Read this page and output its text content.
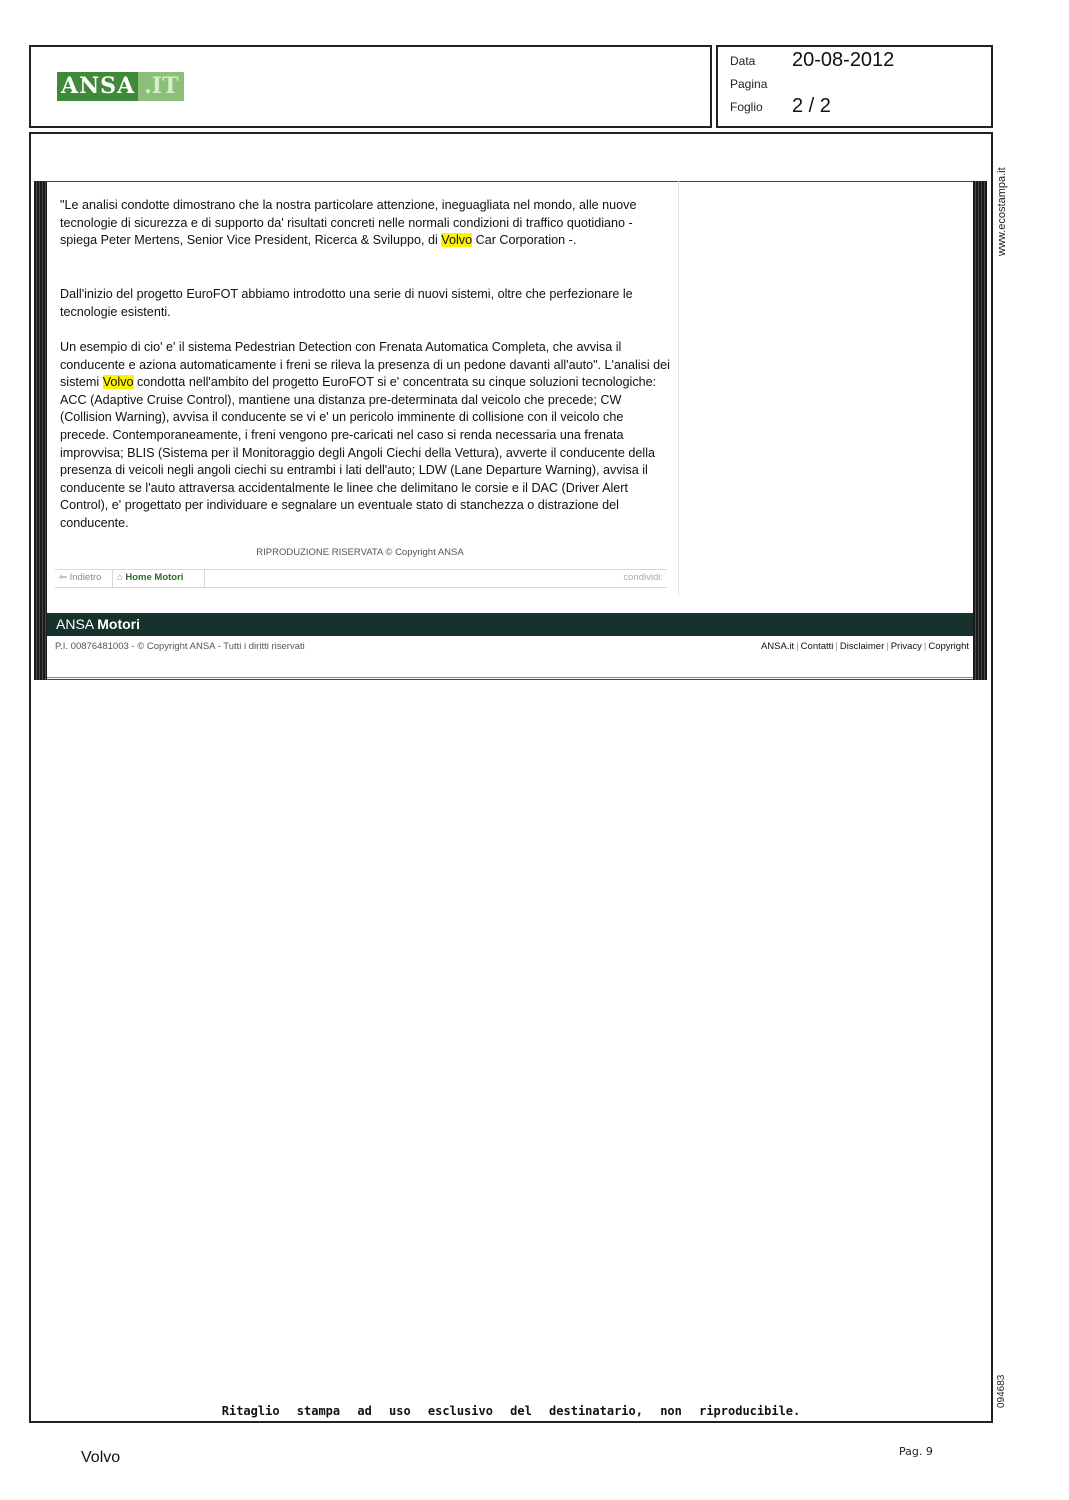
ANSA .IT
Data 20-08-2012
Pagina
Foglio 2 / 2
www.ecostampa.it
094683

"Le analisi condotte dimostrano che la nostra particolare attenzione, ineguagliata nel mondo, alle nuove tecnologie di sicurezza e di supporto da' risultati concreti nelle normali condizioni di traffico quotidiano - spiega Peter Mertens, Senior Vice President, Ricerca & Sviluppo, di Volvo Car Corporation -.

Dall'inizio del progetto EuroFOT abbiamo introdotto una serie di nuovi sistemi, oltre che perfezionare le tecnologie esistenti.

Un esempio di cio' e' il sistema Pedestrian Detection con Frenata Automatica Completa, che avvisa il conducente e aziona automaticamente i freni se rileva la presenza di un pedone davanti all'auto". L'analisi dei sistemi Volvo condotta nell'ambito del progetto EuroFOT si e' concentrata su cinque soluzioni tecnologiche: ACC (Adaptive Cruise Control), mantiene una distanza pre-determinata dal veicolo che precede; CW (Collision Warning), avvisa il conducente se vi e' un pericolo imminente di collisione con il veicolo che precede. Contemporaneamente, i freni vengono pre-caricati nel caso si renda necessaria una frenata improvvisa; BLIS (Sistema per il Monitoraggio degli Angoli Ciechi della Vettura), avverte il conducente della presenza di veicoli negli angoli ciechi su entrambi i lati dell'auto; LDW (Lane Departure Warning), avvisa il conducente se l'auto attraversa accidentalmente le linee che delimitano le corsie e il DAC (Driver Alert Control), e' progettato per individuare e segnalare un eventuale stato di stanchezza o distrazione del conducente.

RIPRODUZIONE RISERVATA © Copyright ANSA
⇦ Indietro ⌂ Home Motori	condividi:
ANSA Motori
P.I. 00876481003 - © Copyright ANSA - Tutti i diritti riservati	ANSA.it | Contatti | Disclaimer | Privacy | Copyright
Ritaglio stampa ad uso esclusivo del destinatario, non riproducibile.
Volvo	Pag. 9
